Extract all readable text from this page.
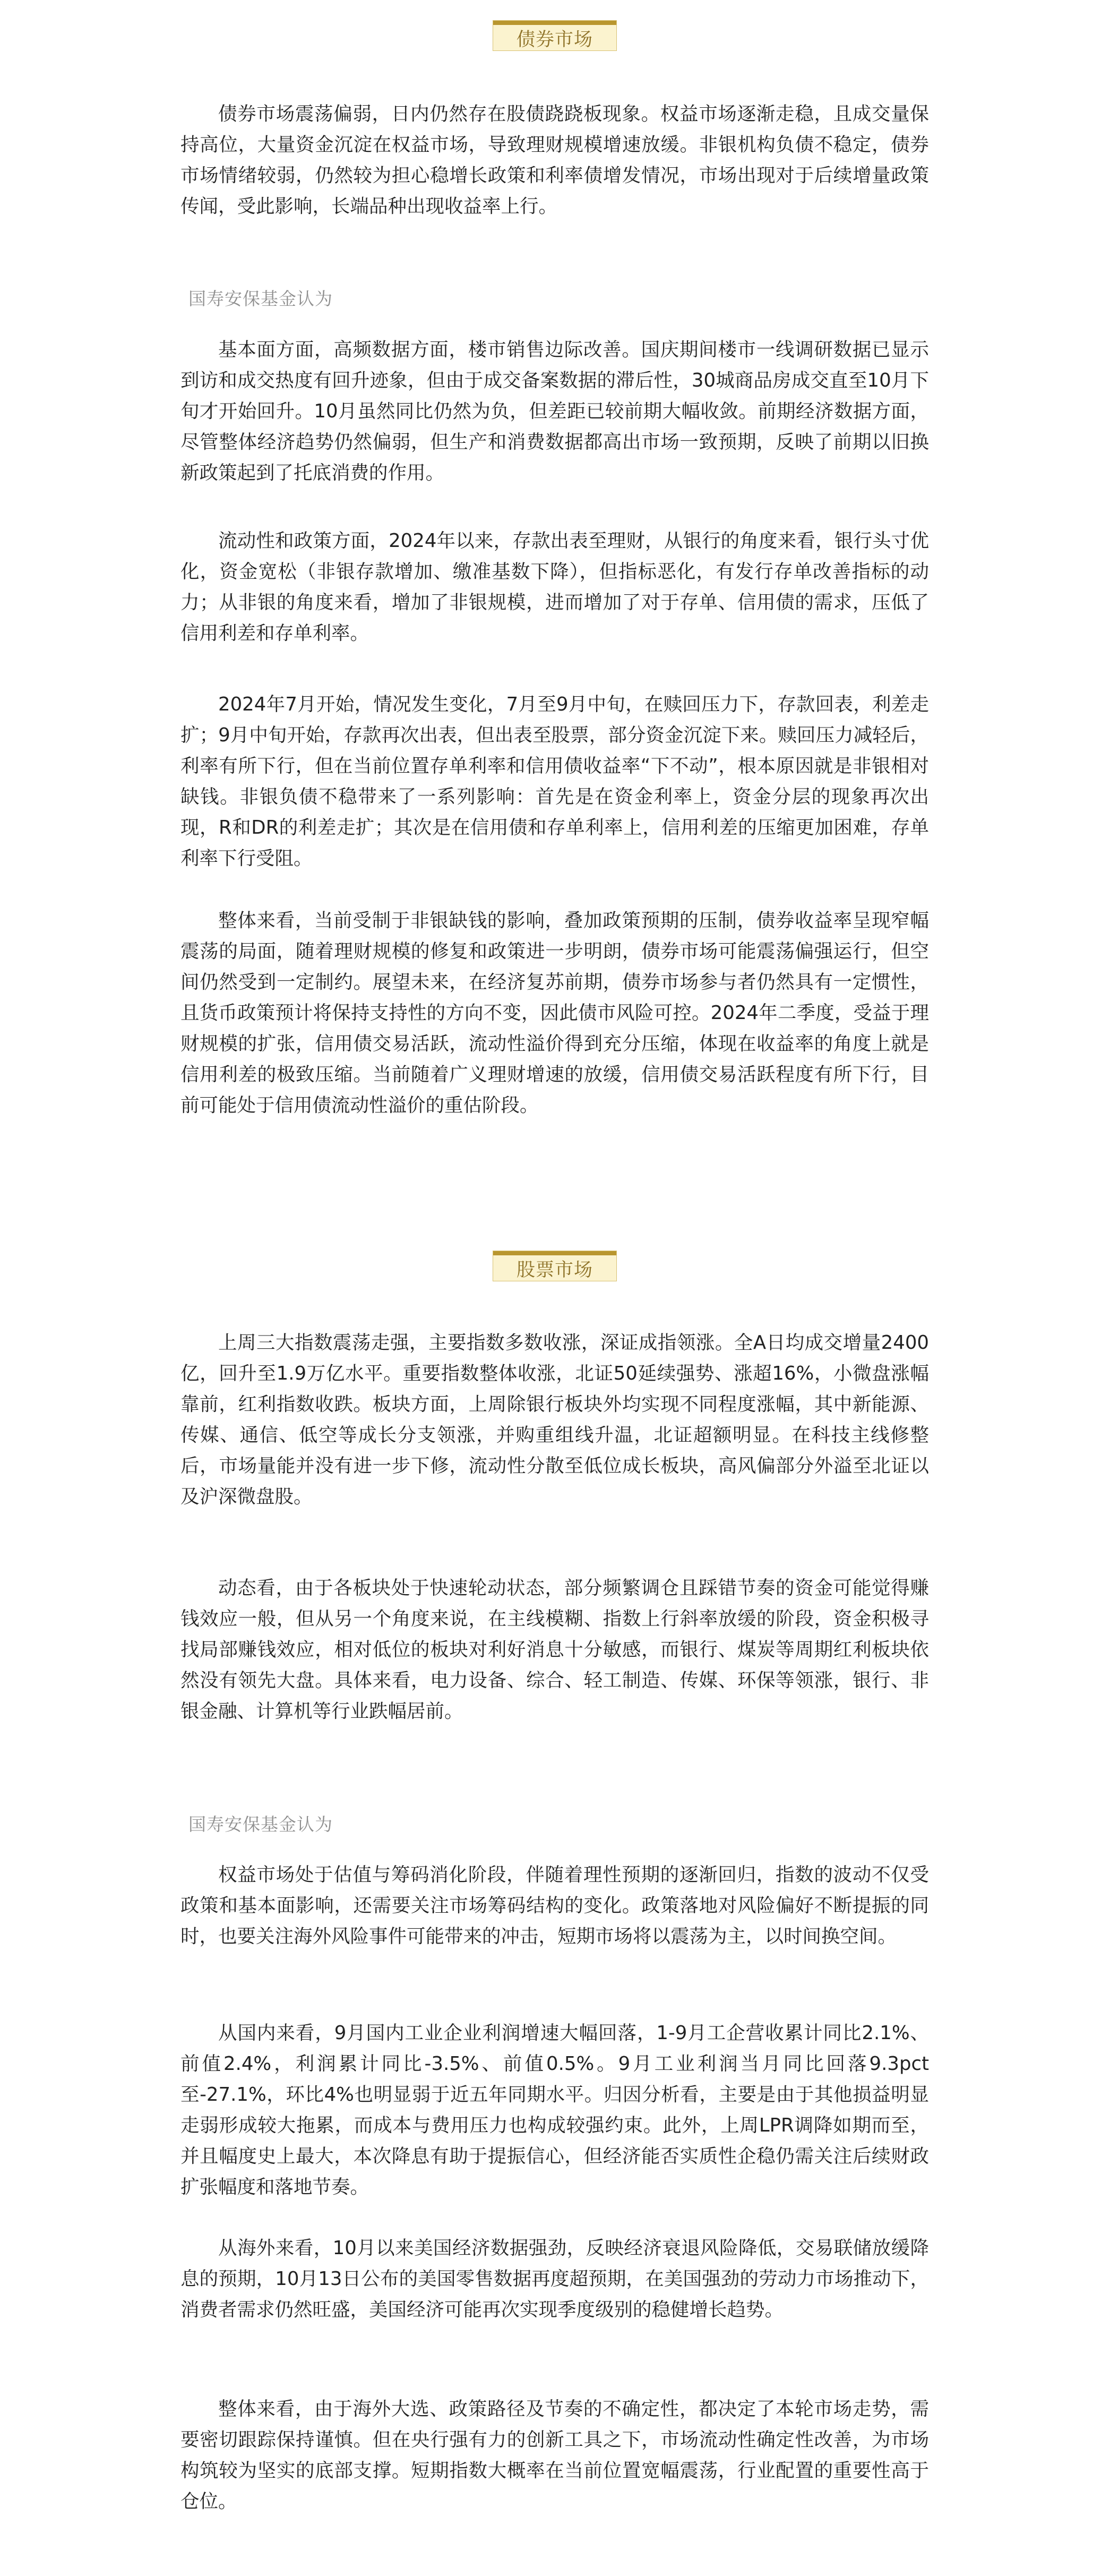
债券市场

债券市场震荡偏弱，日内仍然存在股债跷跷板现象。权益市场逐渐走稳，且成交量保持高位，大量资金沉淀在权益市场，导致理财规模增速放缓。非银机构负债不稳定，债券市场情绪较弱，仍然较为担心稳增长政策和利率债增发情况，市场出现对于后续增量政策传闻，受此影响，长端品种出现收益率上行。

国寿安保基金认为

基本面方面，高频数据方面，楼市销售边际改善。国庆期间楼市一线调研数据已显示到访和成交热度有回升迹象，但由于成交备案数据的滞后性，30城商品房成交直至10月下旬才开始回升。10月虽然同比仍然为负，但差距已较前期大幅收敛。前期经济数据方面，尽管整体经济趋势仍然偏弱，但生产和消费数据都高出市场一致预期，反映了前期以旧换新政策起到了托底消费的作用。

流动性和政策方面，2024年以来，存款出表至理财，从银行的角度来看，银行头寸优化，资金宽松（非银存款增加、缴准基数下降），但指标恶化，有发行存单改善指标的动力；从非银的角度来看，增加了非银规模，进而增加了对于存单、信用债的需求，压低了信用利差和存单利率。

2024年7月开始，情况发生变化，7月至9月中旬，在赎回压力下，存款回表，利差走扩；9月中旬开始，存款再次出表，但出表至股票，部分资金沉淀下来。赎回压力减轻后，利率有所下行，但在当前位置存单利率和信用债收益率“下不动”，根本原因就是非银相对缺钱。非银负债不稳带来了一系列影响：首先是在资金利率上，资金分层的现象再次出现，R和DR的利差走扩；其次是在信用债和存单利率上，信用利差的压缩更加困难，存单利率下行受阻。

整体来看，当前受制于非银缺钱的影响，叠加政策预期的压制，债券收益率呈现窄幅震荡的局面，随着理财规模的修复和政策进一步明朗，债券市场可能震荡偏强运行，但空间仍然受到一定制约。展望未来，在经济复苏前期，债券市场参与者仍然具有一定惯性，且货币政策预计将保持支持性的方向不变，因此债市风险可控。2024年二季度，受益于理财规模的扩张，信用债交易活跃，流动性溢价得到充分压缩，体现在收益率的角度上就是信用利差的极致压缩。当前随着广义理财增速的放缓，信用债交易活跃程度有所下行，目前可能处于信用债流动性溢价的重估阶段。

股票市场

上周三大指数震荡走强，主要指数多数收涨，深证成指领涨。全A日均成交增量2400亿，回升至1.9万亿水平。重要指数整体收涨，北证50延续强势、涨超16%，小微盘涨幅靠前，红利指数收跌。板块方面，上周除银行板块外均实现不同程度涨幅，其中新能源、传媒、通信、低空等成长分支领涨，并购重组线升温，北证超额明显。在科技主线修整后，市场量能并没有进一步下修，流动性分散至低位成长板块，高风偏部分外溢至北证以及沪深微盘股。

动态看，由于各板块处于快速轮动状态，部分频繁调仓且踩错节奏的资金可能觉得赚钱效应一般，但从另一个角度来说，在主线模糊、指数上行斜率放缓的阶段，资金积极寻找局部赚钱效应，相对低位的板块对利好消息十分敏感，而银行、煤炭等周期红利板块依然没有领先大盘。具体来看，电力设备、综合、轻工制造、传媒、环保等领涨，银行、非银金融、计算机等行业跌幅居前。

国寿安保基金认为

权益市场处于估值与筹码消化阶段，伴随着理性预期的逐渐回归，指数的波动不仅受政策和基本面影响，还需要关注市场筹码结构的变化。政策落地对风险偏好不断提振的同时，也要关注海外风险事件可能带来的冲击，短期市场将以震荡为主，以时间换空间。

从国内来看，9月国内工业企业利润增速大幅回落，1-9月工企营收累计同比2.1%、前值2.4%，利润累计同比-3.5%、前值0.5%。9月工业利润当月同比回落9.3pct至-27.1%，环比4%也明显弱于近五年同期水平。归因分析看，主要是由于其他损益明显走弱形成较大拖累，而成本与费用压力也构成较强约束。此外，上周LPR调降如期而至，并且幅度史上最大，本次降息有助于提振信心，但经济能否实质性企稳仍需关注后续财政扩张幅度和落地节奏。

从海外来看，10月以来美国经济数据强劲，反映经济衰退风险降低，交易联储放缓降息的预期，10月13日公布的美国零售数据再度超预期，在美国强劲的劳动力市场推动下，消费者需求仍然旺盛，美国经济可能再次实现季度级别的稳健增长趋势。

整体来看，由于海外大选、政策路径及节奏的不确定性，都决定了本轮市场走势，需要密切跟踪保持谨慎。但在央行强有力的创新工具之下，市场流动性确定性改善，为市场构筑较为坚实的底部支撑。短期指数大概率在当前位置宽幅震荡，行业配置的重要性高于仓位。
